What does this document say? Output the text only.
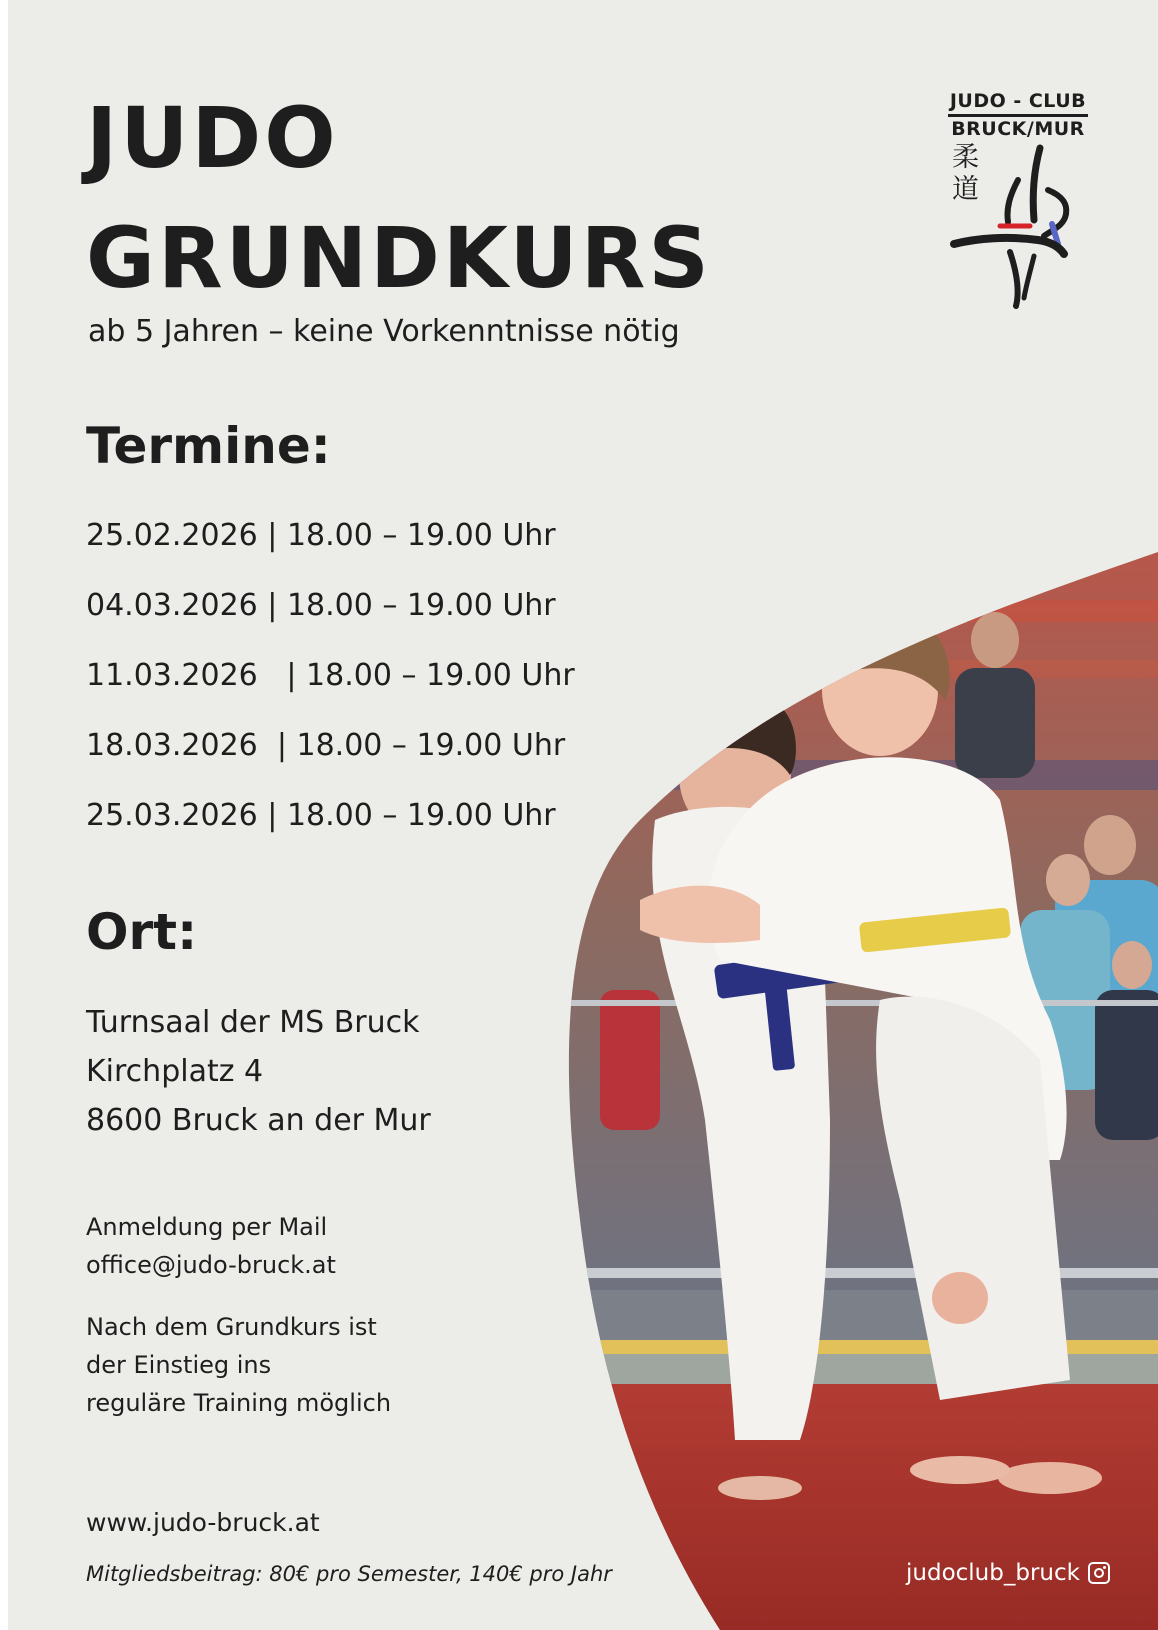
JUDO
GRUNDKURS
ab 5 Jahren – keine Vorkenntnisse nötig
Termine:
25.02.2026 | 18.00 – 19.00 Uhr
04.03.2026 | 18.00 – 19.00 Uhr
11.03.2026   | 18.00 – 19.00 Uhr
18.03.2026  | 18.00 – 19.00 Uhr
25.03.2026 | 18.00 – 19.00 Uhr
Ort:
Turnsaal der MS Bruck
Kirchplatz 4
8600 Bruck an der Mur
Anmeldung per Mail
office@judo-bruck.at
Nach dem Grundkurs ist
der Einstieg ins
reguläre Training möglich
www.judo-bruck.at
Mitgliedsbeitrag: 80€ pro Semester, 140€ pro Jahr	judoclub_bruck
JUDO - CLUB
BRUCK/MUR
柔
道
